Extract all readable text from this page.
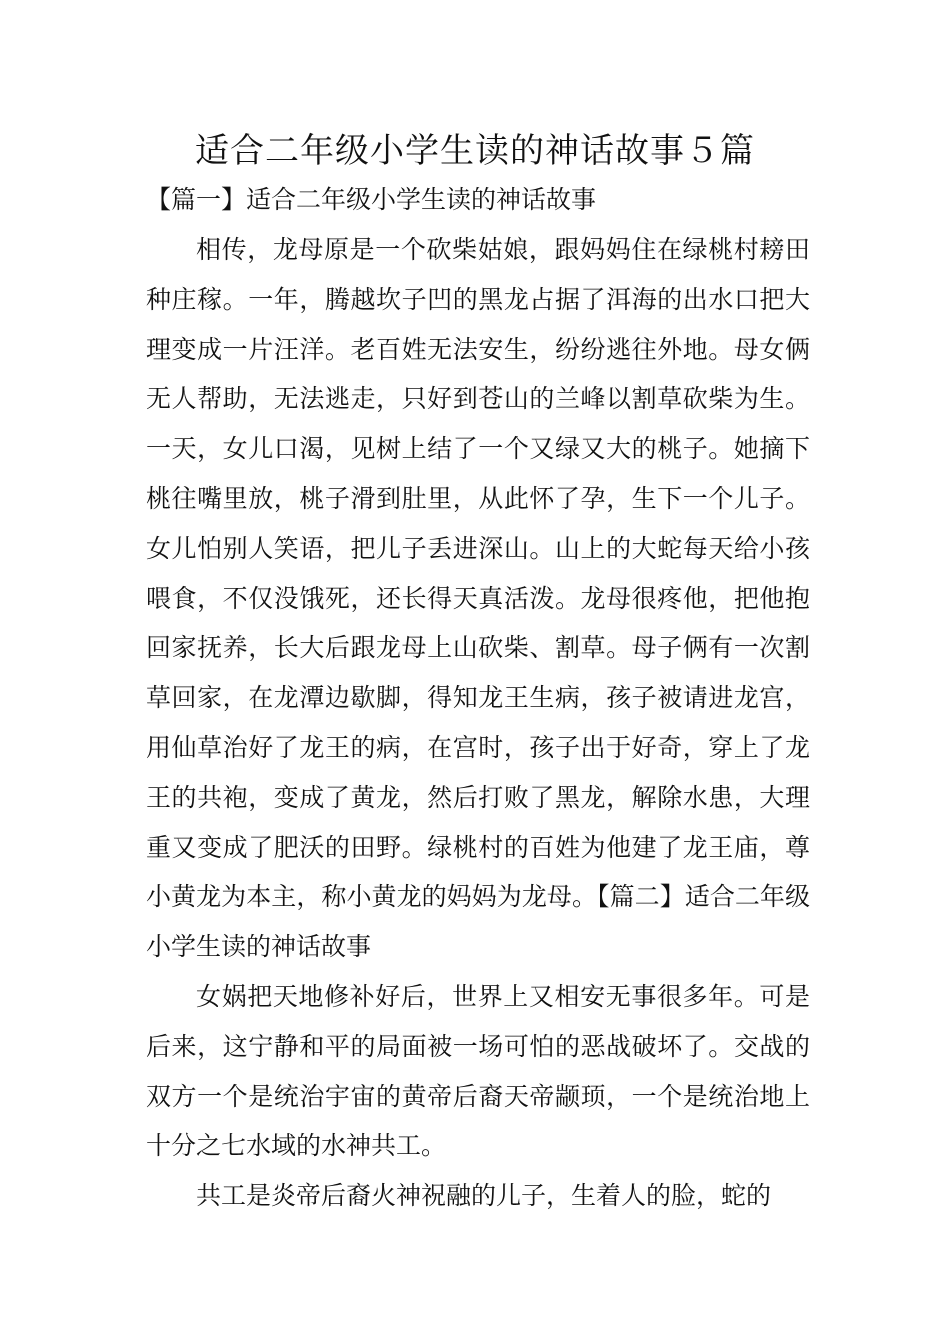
适合二年级小学生读的神话故事５篇

【篇一】适合二年级小学生读的神话故事

相传，龙母原是一个砍柴姑娘，跟妈妈住在绿桃村耪田种庄稼。一年，腾越坎子凹的黑龙占据了洱海的出水口把大理变成一片汪洋。老百姓无法安生，纷纷逃往外地。母女俩无人帮助，无法逃走，只好到苍山的兰峰以割草砍柴为生。一天，女儿口渴，见树上结了一个又绿又大的桃子。她摘下桃往嘴里放，桃子滑到肚里，从此怀了孕，生下一个儿子。女儿怕别人笑语，把儿子丢进深山。山上的大蛇每天给小孩喂食，不仅没饿死，还长得天真活泼。龙母很疼他，把他抱回家抚养，长大后跟龙母上山砍柴、割草。母子俩有一次割草回家，在龙潭边歇脚，得知龙王生病，孩子被请进龙宫，用仙草治好了龙王的病，在宫时，孩子出于好奇，穿上了龙王的共袍，变成了黄龙，然后打败了黑龙，解除水患，大理重又变成了肥沃的田野。绿桃村的百姓为他建了龙王庙，尊小黄龙为本主，称小黄龙的妈妈为龙母。【篇二】适合二年级小学生读的神话故事

女娲把天地修补好后，世界上又相安无事很多年。可是后来，这宁静和平的局面被一场可怕的恶战破坏了。交战的双方一个是统治宇宙的黄帝后裔天帝颛顼，一个是统治地上十分之七水域的水神共工。

共工是炎帝后裔火神祝融的儿子，生着人的脸，蛇的
